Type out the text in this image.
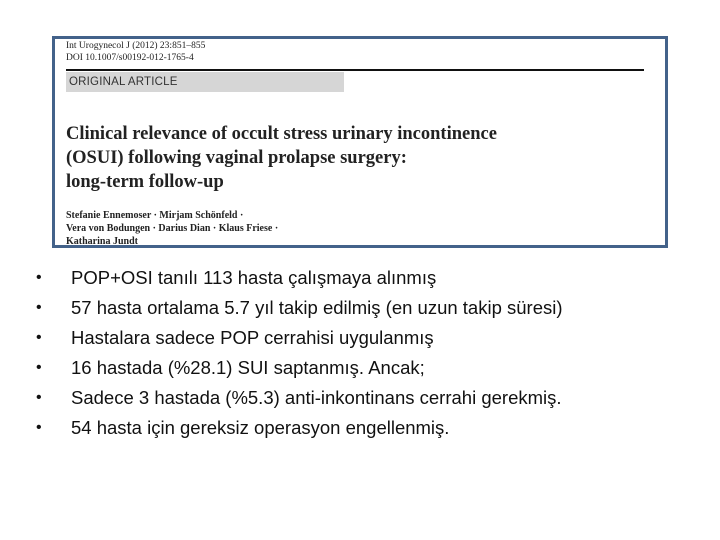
Int Urogynecol J (2012) 23:851–855
DOI 10.1007/s00192-012-1765-4
ORIGINAL ARTICLE
Clinical relevance of occult stress urinary incontinence
(OSUI) following vaginal prolapse surgery:
long-term follow-up
Stefanie Ennemoser · Mirjam Schönfeld ·
Vera von Bodungen · Darius Dian · Klaus Friese ·
Katharina Jundt
• POP+OSI tanılı 113 hasta çalışmaya alınmış
• 57 hasta ortalama 5.7 yıl takip edilmiş (en uzun takip süresi)
• Hastalara sadece POP cerrahisi uygulanmış
• 16 hastada (%28.1) SUI saptanmış. Ancak;
• Sadece 3 hastada (%5.3) anti-inkontinans cerrahi gerekmiş.
• 54 hasta için gereksiz operasyon engellenmiş.
